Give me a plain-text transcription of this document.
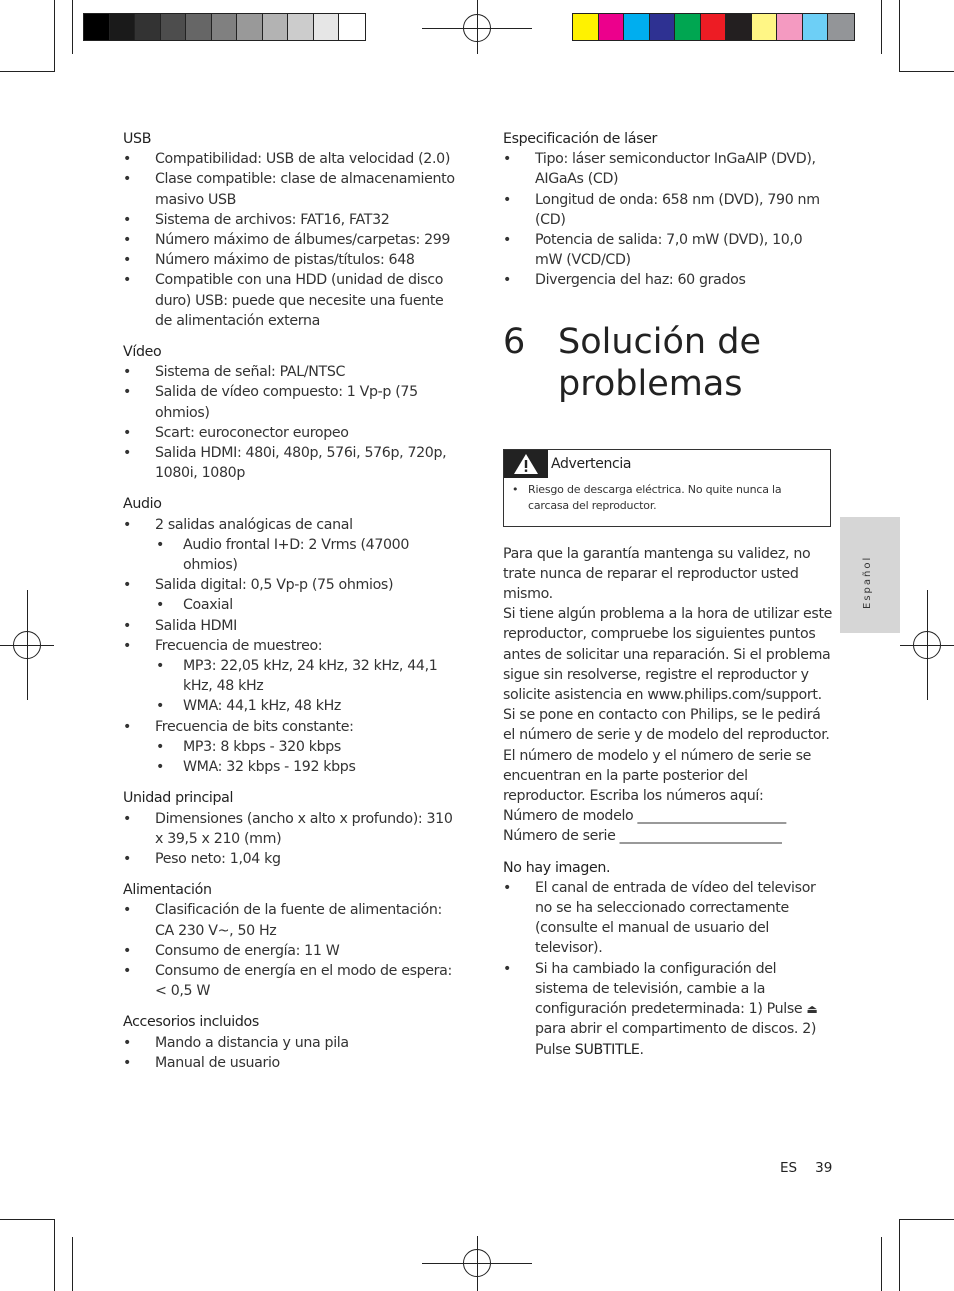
USB
• Compatibilidad: USB de alta velocidad (2.0)
• Clase compatible: clase de almacenamiento masivo USB
• Sistema de archivos: FAT16, FAT32
• Número máximo de álbumes/carpetas: 299
• Número máximo de pistas/títulos: 648
• Compatible con una HDD (unidad de disco duro) USB: puede que necesite una fuente de alimentación externa
Vídeo
• Sistema de señal: PAL/NTSC
• Salida de vídeo compuesto: 1 Vp-p (75 ohmios)
• Scart: euroconector europeo
• Salida HDMI: 480i, 480p, 576i, 576p, 720p, 1080i, 1080p
Audio
• 2 salidas analógicas de canal
• Audio frontal I+D: 2 Vrms (47000 ohmios)
• Salida digital: 0,5 Vp-p (75 ohmios)
• Coaxial
• Salida HDMI
• Frecuencia de muestreo:
• MP3: 22,05 kHz, 24 kHz, 32 kHz, 44,1 kHz, 48 kHz
• WMA: 44,1 kHz, 48 kHz
• Frecuencia de bits constante:
• MP3: 8 kbps - 320 kbps
• WMA: 32 kbps - 192 kbps
Unidad principal
• Dimensiones (ancho x alto x profundo): 310 x 39,5 x 210 (mm)
• Peso neto: 1,04 kg
Alimentación
• Clasificación de la fuente de alimentación: CA 230 V~, 50 Hz
• Consumo de energía: 11 W
• Consumo de energía en el modo de espera: < 0,5 W
Accesorios incluidos
• Mando a distancia y una pila
• Manual de usuario
Especificación de láser
• Tipo: láser semiconductor InGaAIP (DVD), AIGaAs (CD)
• Longitud de onda: 658 nm (DVD), 790 nm (CD)
• Potencia de salida: 7,0 mW (DVD), 10,0 mW (VCD/CD)
• Divergencia del haz: 60 grados
6 Solución de problemas
Advertencia
• Riesgo de descarga eléctrica. No quite nunca la carcasa del reproductor.

Para que la garantía mantenga su validez, no trate nunca de reparar el reproductor usted mismo.

Si tiene algún problema a la hora de utilizar este reproductor, compruebe los siguientes puntos antes de solicitar una reparación. Si el problema sigue sin resolverse, registre el reproductor y solicite asistencia en www.philips.com/support.

Si se pone en contacto con Philips, se le pedirá el número de serie y de modelo del reproductor. El número de modelo y el número de serie se encuentran en la parte posterior del reproductor. Escriba los números aquí:

Número de modelo ______________________

Número de serie ________________________

No hay imagen.
• El canal de entrada de vídeo del televisor no se ha seleccionado correctamente (consulte el manual de usuario del televisor).
• Si ha cambiado la configuración del sistema de televisión, cambie a la configuración predeterminada: 1) Pulse ⏏ para abrir el compartimento de discos. 2) Pulse SUBTITLE.
Español
ES 39
